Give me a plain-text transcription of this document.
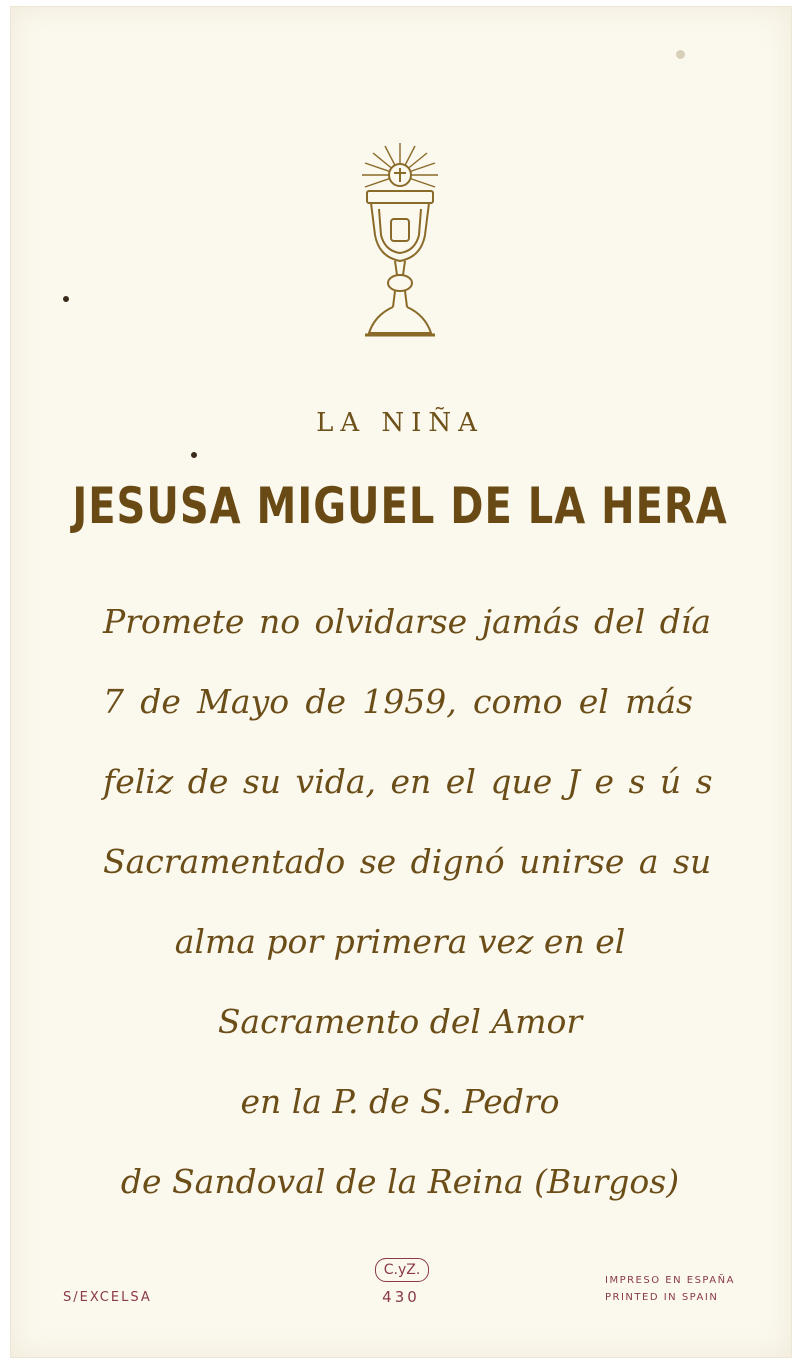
LA NIÑA
JESUSA MIGUEL DE LA HERA
Promete no olvidarse jamás del día
7 de Mayo de 1959, como el más
feliz de su vida, en el que J e s ú s
Sacramentado se dignó unirse a su
alma por primera vez en el
Sacramento del Amor
en la P. de S. Pedro
de Sandoval de la Reina (Burgos)
S/EXCELSA
C.yZ.
430
IMPRESO EN ESPAÑA
PRINTED IN SPAIN
